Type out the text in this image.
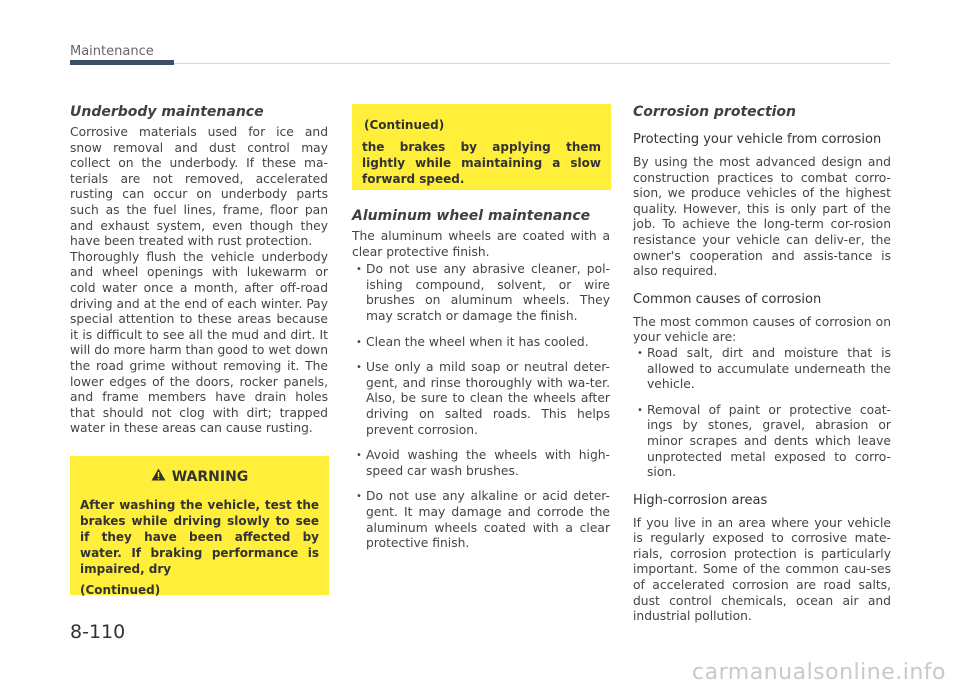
Maintenance
Underbody maintenance

Corrosive materials used for ice and snow removal and dust control may collect on the underbody. If these ma-terials are not removed, accelerated rusting can occur on underbody parts such as the fuel lines, frame, floor pan and exhaust system, even though they have been treated with rust protection.

Thoroughly flush the vehicle underbody and wheel openings with lukewarm or cold water once a month, after off-road driving and at the end of each winter. Pay special attention to these areas because it is difficult to see all the mud and dirt. It will do more harm than good to wet down the road grime without removing it. The lower edges of the doors, rocker panels, and frame members have drain holes that should not clog with dirt; trapped water in these areas can cause rusting.

WARNING

After washing the vehicle, test the brakes while driving slowly to see if they have been affected by water. If braking performance is impaired, dry

(Continued)
(Continued)

the brakes by applying them lightly while maintaining a slow forward speed.

Aluminum wheel maintenance

The aluminum wheels are coated with a clear protective finish.

• Do not use any abrasive cleaner, pol-ishing compound, solvent, or wire brushes on aluminum wheels. They may scratch or damage the finish.
• Clean the wheel when it has cooled.
• Use only a mild soap or neutral deter-gent, and rinse thoroughly with wa-ter. Also, be sure to clean the wheels after driving on salted roads. This helps prevent corrosion.
• Avoid washing the wheels with high-speed car wash brushes.
• Do not use any alkaline or acid deter-gent. It may damage and corrode the aluminum wheels coated with a clear protective finish.
Corrosion protection
Protecting your vehicle from corrosion

By using the most advanced design and construction practices to combat corro-sion, we produce vehicles of the highest quality. However, this is only part of the job. To achieve the long-term cor-rosion resistance your vehicle can deliv-er, the owner's cooperation and assis-tance is also required.

Common causes of corrosion

The most common causes of corrosion on your vehicle are:

• Road salt, dirt and moisture that is allowed to accumulate underneath the vehicle.
• Removal of paint or protective coat-ings by stones, gravel, abrasion or minor scrapes and dents which leave unprotected metal exposed to corro-sion.
High-corrosion areas

If you live in an area where your vehicle is regularly exposed to corrosive mate-rials, corrosion protection is particularly important. Some of the common cau-ses of accelerated corrosion are road salts, dust control chemicals, ocean air and industrial pollution.

8-110
carmanualsonline.info
